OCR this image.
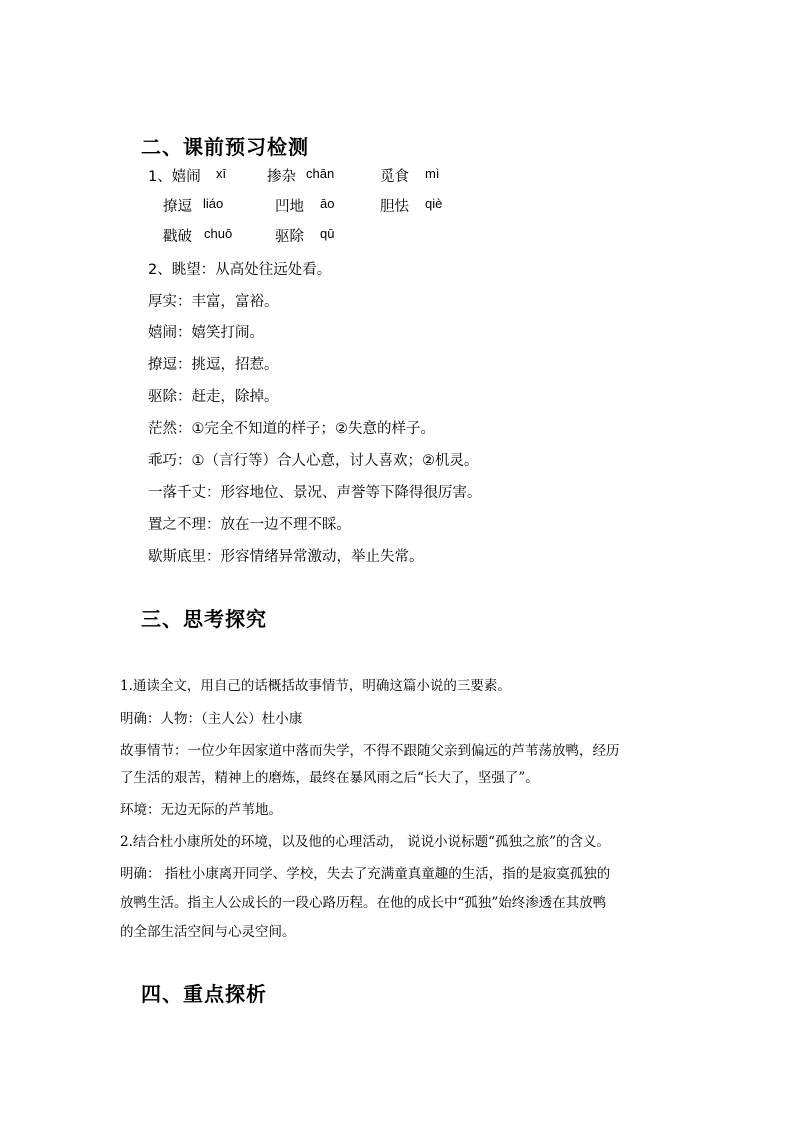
二、课前预习检测
1、嬉闹 xī	掺杂 chān	觅食 mì
撩逗 liáo	凹地 āo	胆怯 qiè
戳破 chuō	驱除 qū
2、眺望：从高处往远处看。
厚实：丰富，富裕。
嬉闹：嬉笑打闹。
撩逗：挑逗，招惹。
驱除：赶走，除掉。
茫然：①完全不知道的样子；②失意的样子。
乖巧：①（言行等）合人心意，讨人喜欢；②机灵。
一落千丈：形容地位、景况、声誉等下降得很厉害。
置之不理：放在一边不理不睬。
歇斯底里：形容情绪异常激动，举止失常。
三、思考探究
1.通读全文，用自己的话概括故事情节，明确这篇小说的三要素。
明确：人物：（主人公）杜小康
故事情节：一位少年因家道中落而失学，不得不跟随父亲到偏远的芦苇荡放鸭，经历
了生活的艰苦，精神上的磨炼，最终在暴风雨之后“长大了，坚强了”。
环境：无边无际的芦苇地。
2.结合杜小康所处的环境，以及他的心理活动， 说说小说标题“孤独之旅”的含义。
明确： 指杜小康离开同学、学校，失去了充满童真童趣的生活，指的是寂寞孤独的
放鸭生活。指主人公成长的一段心路历程。在他的成长中“孤独”始终渗透在其放鸭
的全部生活空间与心灵空间。
四、重点探析
